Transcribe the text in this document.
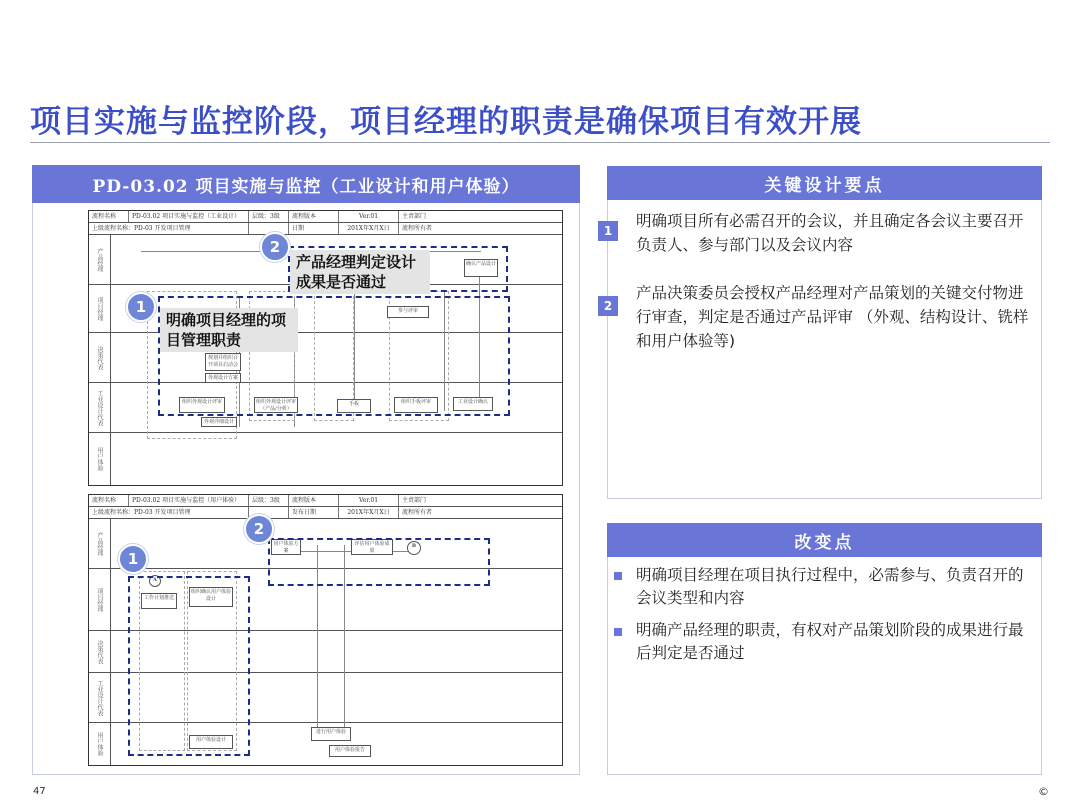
项目实施与监控阶段，项目经理的职责是确保项目有效开展
PD-03.02 项目实施与监控（工业设计和用户体验）
流程名称	PD-03.02 项目实施与监控（工业设计）	层级：3级	流程版本	Ver.01	主责部门
上级流程名称：PD-03 开发项目管理	日期	201X年X月X日	流程所有者
产品经理
项目经理
决策代表
工业设计代表
用户体验
确认产品设计
参与评审
规划并组织召开项目启动会
外观设计方案
组织外观设计评审	组织外观设计评审（产品/分析）
外观详细设计
手板	组织手板评审	工业设计确认
流程名称	PD-03.02 项目实施与监控（用户体验）	层级：3级	流程版本	Ver.01	主责部门
上级流程名称：PD-03 开发项目管理	发布日期	201X年X月X日	流程所有者
产品经理
项目经理
决策代表
工业设计代表
用户体验
用户体验方案
评估用户体验成果
B
A
工作计划推送
组织确认用户体验设计
用户体验设计
进行用户体验
用户体验报告
明确项目经理的项目管理职责
产品经理判定设计成果是否通过
1
2
1
2
关键设计要点
1
明确项目所有必需召开的会议，并且确定各会议主要召开负责人、参与部门以及会议内容
2
产品决策委员会授权产品经理对产品策划的关键交付物进行审查，判定是否通过产品评审 （外观、结构设计、铣样和用户体验等)
改变点
明确项目经理在项目执行过程中，必需参与、负责召开的会议类型和内容
明确产品经理的职责，有权对产品策划阶段的成果进行最后判定是否通过
47	©
